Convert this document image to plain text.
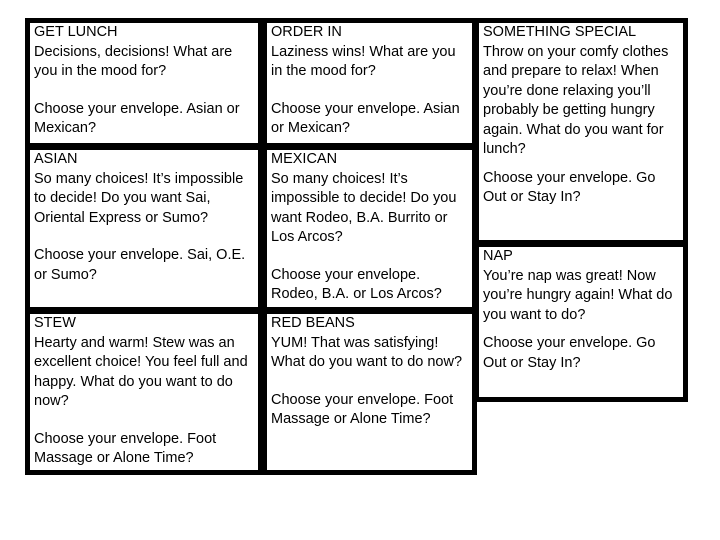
GET LUNCH
Decisions, decisions! What are you in the mood for?
Choose your envelope. Asian or Mexican?
ASIAN
So many choices! It’s impossible to decide! Do you want Sai, Oriental Express or Sumo?
Choose your envelope. Sai, O.E. or Sumo?
STEW
Hearty and warm! Stew was an excellent choice! You feel full and happy. What do you want to do now?
Choose your envelope. Foot Massage or Alone Time?
ORDER IN
Laziness wins! What are you in the mood for?
Choose your envelope. Asian or Mexican?
MEXICAN
So many choices! It’s impossible to decide! Do you want Rodeo, B.A. Burrito or Los Arcos?
Choose your envelope. Rodeo, B.A. or Los Arcos?
RED BEANS
YUM! That was satisfying! What do you want to do now?
Choose your envelope. Foot Massage or Alone Time?
SOMETHING SPECIAL
Throw on your comfy clothes and prepare to relax! When you’re done relaxing you’ll probably be getting hungry again. What do you want for lunch?
Choose your envelope. Go Out or Stay In?
NAP
You’re nap was great! Now you’re hungry again! What do you want to do?
Choose your envelope. Go Out or Stay In?
